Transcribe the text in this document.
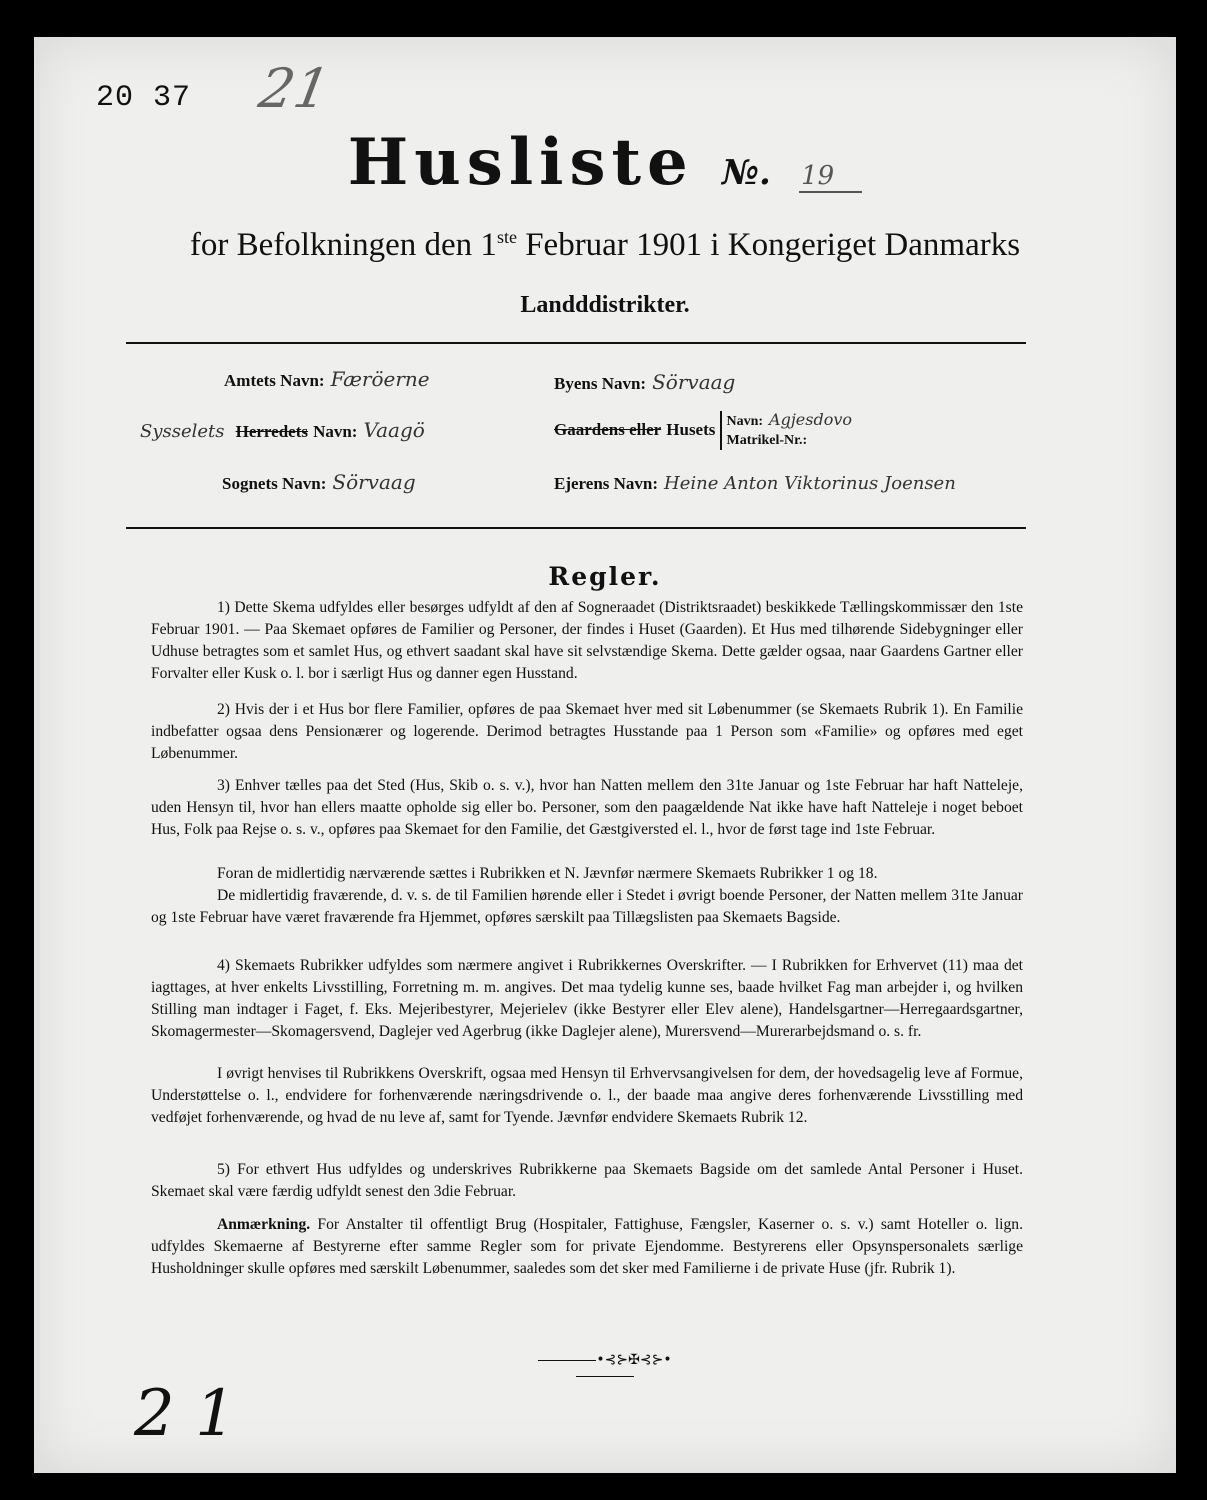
20 37 21
Husliste №. 19
for Befolkningen den 1ste Februar 1901 i Kongeriget Danmarks
Landddistrikter.
Amtets Navn: Færöerne
Sysselets Herredets Navn: Vaagö
Sognets Navn: Sörvaag
Byens Navn: Sörvaag
Gaardens eller Husets Navn: Agjesdovo
Matrikel-Nr.:
Ejerens Navn: Heine Anton Viktorinus Joensen
Regler.
1) Dette Skema udfyldes eller besørges udfyldt af den af Sogneraadet (Distriktsraadet) beskikkede Tællingskommissær den 1ste Februar 1901. — Paa Skemaet opføres de Familier og Personer, der findes i Huset (Gaarden). Et Hus med tilhørende Sidebygninger eller Udhuse betragtes som et samlet Hus, og ethvert saadant skal have sit selvstændige Skema. Dette gælder ogsaa, naar Gaardens Gartner eller Forvalter eller Kusk o. l. bor i særligt Hus og danner egen Husstand.
2) Hvis der i et Hus bor flere Familier, opføres de paa Skemaet hver med sit Løbenummer (se Skemaets Rubrik 1). En Familie indbefatter ogsaa dens Pensionærer og logerende. Derimod betragtes Husstande paa 1 Person som «Familie» og opføres med eget Løbenummer.
3) Enhver tælles paa det Sted (Hus, Skib o. s. v.), hvor han Natten mellem den 31te Januar og 1ste Februar har haft Natteleje, uden Hensyn til, hvor han ellers maatte opholde sig eller bo. Personer, som den paagældende Nat ikke have haft Natteleje i noget beboet Hus, Folk paa Rejse o. s. v., opføres paa Skemaet for den Familie, det Gæstgiversted el. l., hvor de først tage ind 1ste Februar.
Foran de midlertidig nærværende sættes i Rubrikken et N. Jævnfør nærmere Skemaets Rubrikker 1 og 18.
De midlertidig fraværende, d. v. s. de til Familien hørende eller i Stedet i øvrigt boende Personer, der Natten mellem 31te Januar og 1ste Februar have været fraværende fra Hjemmet, opføres særskilt paa Tillægslisten paa Skemaets Bagside.
4) Skemaets Rubrikker udfyldes som nærmere angivet i Rubrikkernes Overskrifter. — I Rubrikken for Erhvervet (11) maa det iagttages, at hver enkelts Livsstilling, Forretning m. m. angives. Det maa tydelig kunne ses, baade hvilket Fag man arbejder i, og hvilken Stilling man indtager i Faget, f. Eks. Mejeribestyrer, Mejerielev (ikke Bestyrer eller Elev alene), Handelsgartner—Herregaardsgartner, Skomagermester—Skomagersvend, Daglejer ved Agerbrug (ikke Daglejer alene), Murersvend—Murerarbejdsmand o. s. fr.
I øvrigt henvises til Rubrikkens Overskrift, ogsaa med Hensyn til Erhvervsangivelsen for dem, der hovedsagelig leve af Formue, Understøttelse o. l., endvidere for forhenværende næringsdrivende o. l., der baade maa angive deres forhenværende Livsstilling med vedføjet forhenværende, og hvad de nu leve af, samt for Tyende. Jævnfør endvidere Skemaets Rubrik 12.
5) For ethvert Hus udfyldes og underskrives Rubrikkerne paa Skemaets Bagside om det samlede Antal Personer i Huset. Skemaet skal være færdig udfyldt senest den 3die Februar.
Anmærkning. For Anstalter til offentligt Brug (Hospitaler, Fattighuse, Fængsler, Kaserner o. s. v.) samt Hoteller o. lign. udfyldes Skemaerne af Bestyrerne efter samme Regler som for private Ejendomme. Bestyrerens eller Opsynspersonalets særlige Husholdninger skulle opføres med særskilt Løbenummer, saaledes som det sker med Familierne i de private Huse (jfr. Rubrik 1).
•⊰⊱✠⊰⊱•
2 1
